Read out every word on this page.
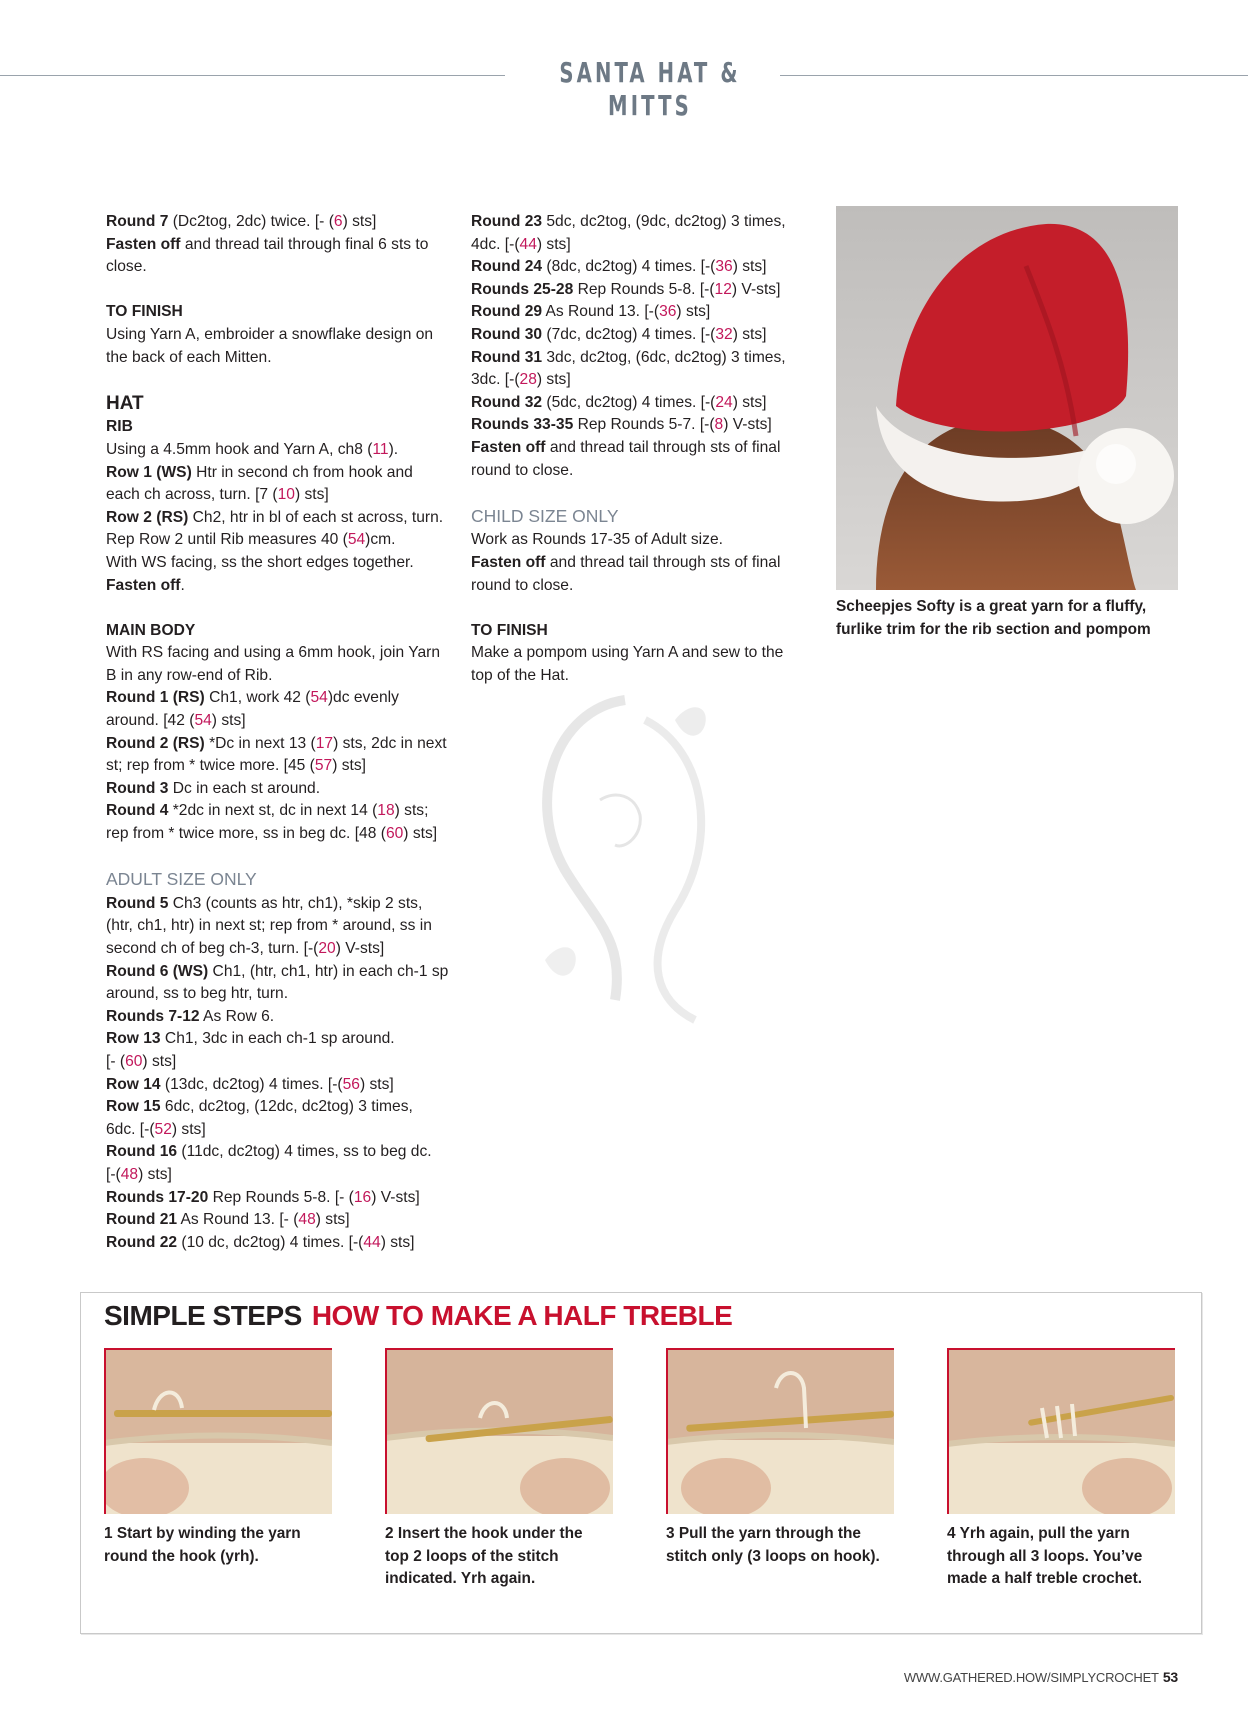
SANTA HAT & MITTS

Round 7 (Dc2tog, 2dc) twice. [- (6) sts]

Fasten off and thread tail through final 6 sts to

close.

TO FINISH

Using Yarn A, embroider a snowflake design on

the back of each Mitten.

HAT

RIB

Using a 4.5mm hook and Yarn A, ch8 (11).

Row 1 (WS) Htr in second ch from hook and

each ch across, turn. [7 (10) sts]

Row 2 (RS) Ch2, htr in bl of each st across, turn.

Rep Row 2 until Rib measures 40 (54)cm.

With WS facing, ss the short edges together.

Fasten off.

MAIN BODY

With RS facing and using a 6mm hook, join Yarn

B in any row-end of Rib.

Round 1 (RS) Ch1, work 42 (54)dc evenly

around. [42 (54) sts]

Round 2 (RS) *Dc in next 13 (17) sts, 2dc in next

st; rep from * twice more. [45 (57) sts]

Round 3 Dc in each st around.

Round 4 *2dc in next st, dc in next 14 (18) sts;

rep from * twice more, ss in beg dc. [48 (60) sts]

ADULT SIZE ONLY

Round 5 Ch3 (counts as htr, ch1), *skip 2 sts,

(htr, ch1, htr) in next st; rep from * around, ss in

second ch of beg ch-3, turn. [-(20) V-sts]

Round 6 (WS) Ch1, (htr, ch1, htr) in each ch-1 sp

around, ss to beg htr, turn.

Rounds 7-12 As Row 6.

Row 13 Ch1, 3dc in each ch-1 sp around.

[- (60) sts]

Row 14 (13dc, dc2tog) 4 times. [-(56) sts]

Row 15 6dc, dc2tog, (12dc, dc2tog) 3 times,

6dc. [-(52) sts]

Round 16 (11dc, dc2tog) 4 times, ss to beg dc.

[-(48) sts]

Rounds 17-20 Rep Rounds 5-8. [- (16) V-sts]

Round 21 As Round 13. [- (48) sts]

Round 22 (10 dc, dc2tog) 4 times. [-(44) sts]

Round 23 5dc, dc2tog, (9dc, dc2tog) 3 times,

4dc. [-(44) sts]

Round 24 (8dc, dc2tog) 4 times. [-(36) sts]

Rounds 25-28 Rep Rounds 5-8. [-(12) V-sts]

Round 29 As Round 13. [-(36) sts]

Round 30 (7dc, dc2tog) 4 times. [-(32) sts]

Round 31 3dc, dc2tog, (6dc, dc2tog) 3 times,

3dc. [-(28) sts]

Round 32 (5dc, dc2tog) 4 times. [-(24) sts]

Rounds 33-35 Rep Rounds 5-7. [-(8) V-sts]

Fasten off and thread tail through sts of final

round to close.

CHILD SIZE ONLY

Work as Rounds 17-35 of Adult size.

Fasten off and thread tail through sts of final

round to close.

TO FINISH

Make a pompom using Yarn A and sew to the

top of the Hat.

Scheepjes Softy is a great yarn for a fluffy,
furlike trim for the rib section and pompom
SIMPLE STEPS HOW TO MAKE A HALF TREBLE
1 Start by winding the yarn
round the hook (yrh).
2 Insert the hook under the
top 2 loops of the stitch
indicated. Yrh again.
3 Pull the yarn through the
stitch only (3 loops on hook).
4 Yrh again, pull the yarn
through all 3 loops. You’ve
made a half treble crochet.
WWW.GATHERED.HOW/SIMPLYCROCHET 53
